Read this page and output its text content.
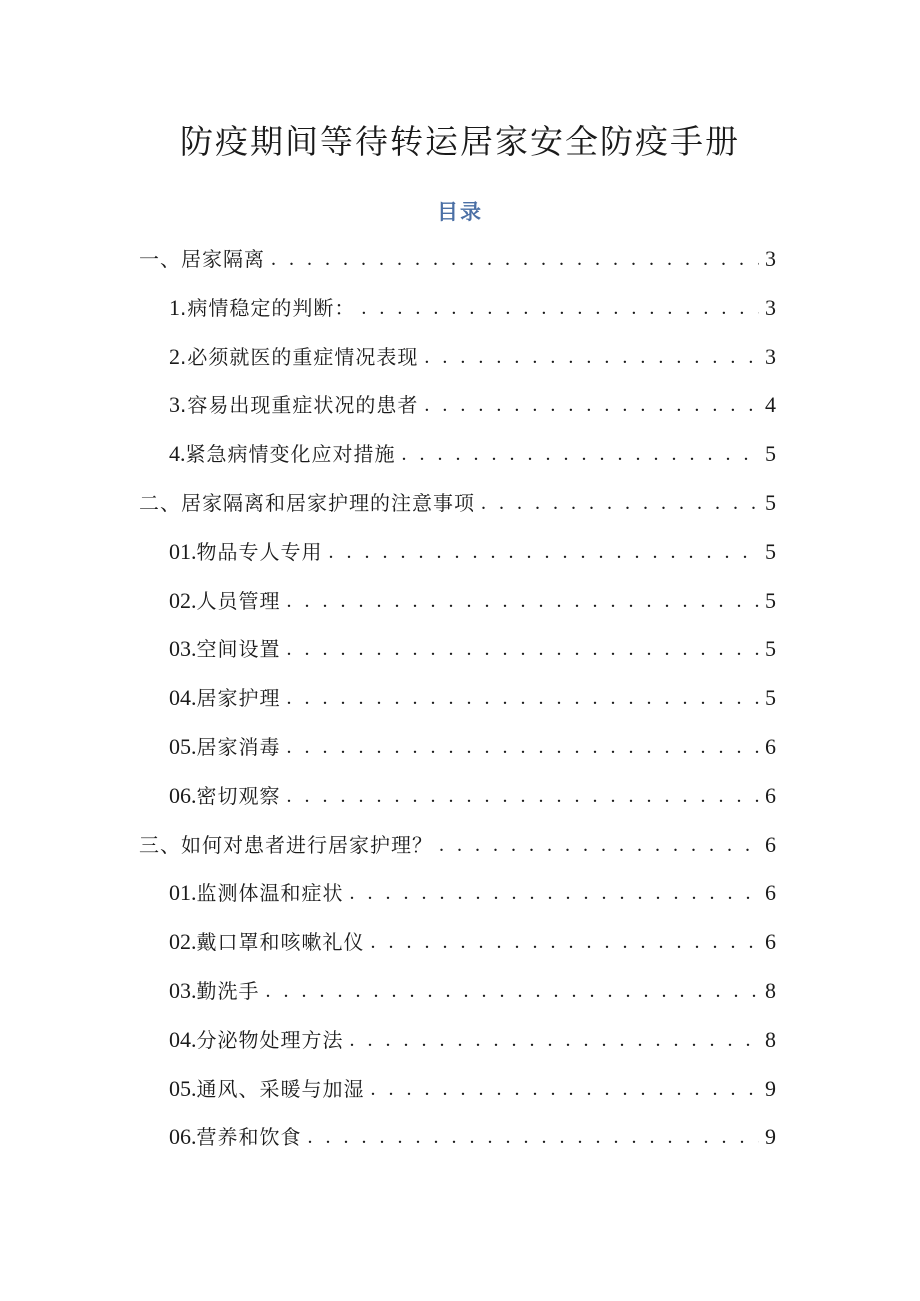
防疫期间等待转运居家安全防疫手册
目录
一、居家隔离 . . .	3
1 .病情稳定的判断： . . .	3
2 .必须就医的重症情况表现 . . .	3
3 .容易出现重症状况的患者 . . .	4
4. 紧急病情变化应对措施 . . .	5
二、居家隔离和居家护理的注意事项 . . .	5
01. 物品专人专用 . . .	5
02. 人员管理 . . .	5
03. 空间设置 . . .	5
04. 居家护理 . . .	5
05. 居家消毒 . . .	6
06. 密切观察 . . .	6
三、如何对患者进行居家护理？ . . .	6
01. 监测体温和症状 . . .	6
02. 戴口罩和咳嗽礼仪 . . .	6
03. 勤洗手 . . .	8
04. 分泌物处理方法 . . .	8
05. 通风、采暖与加湿 . . .	9
06. 营养和饮食 . . .	9
